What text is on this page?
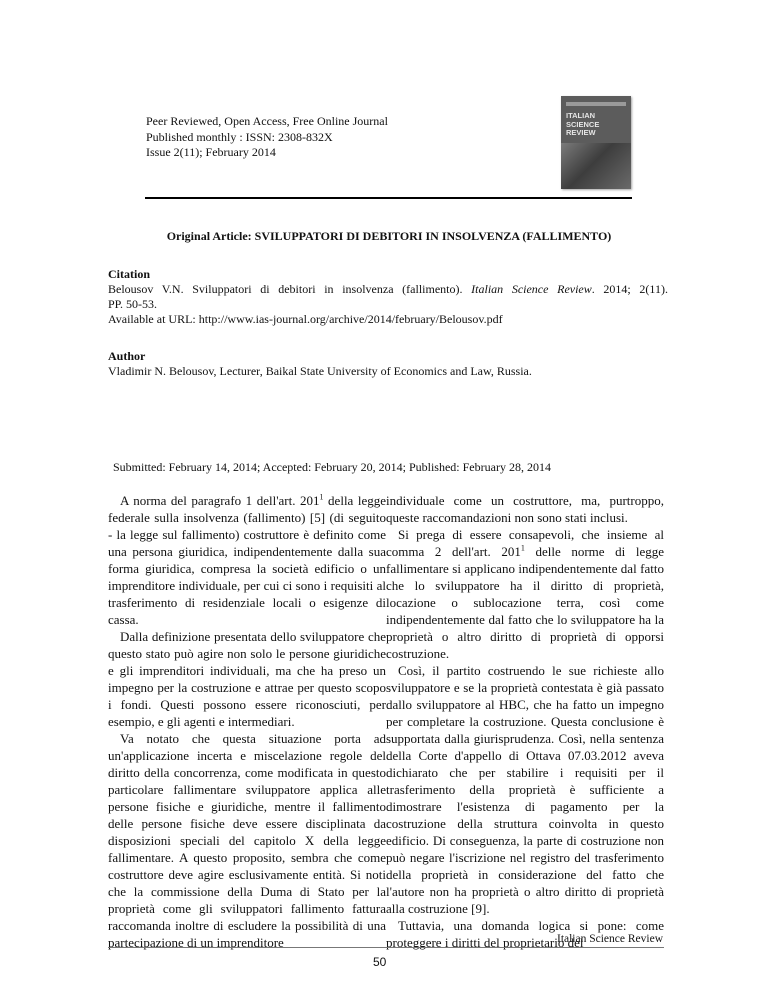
Peer Reviewed, Open Access, Free Online Journal
Published monthly : ISSN: 2308-832X
Issue 2(11); February 2014
ITALIAN SCIENCE REVIEW
Original Article: SVILUPPATORI DI DEBITORI IN INSOLVENZA (FALLIMENTO)
Citation
Belousov V.N. Sviluppatori di debitori in insolvenza (fallimento). Italian Science Review. 2014; 2(11).
PP. 50-53.
Available at URL: http://www.ias-journal.org/archive/2014/february/Belousov.pdf
Author
Vladimir N. Belousov, Lecturer, Baikal State University of Economics and Law, Russia.
Submitted: February 14, 2014; Accepted: February 20, 2014; Published: February 28, 2014

A norma del paragrafo 1 dell'art. $201^1$ della legge federale sulla insolvenza (fallimento) [5] (di seguito - la legge sul fallimento) costruttore è definito come una persona giuridica, indipendentemente dalla sua forma giuridica, compresa la società edificio o un imprenditore individuale, per cui ci sono i requisiti al trasferimento di residenziale locali o esigenze di cassa.

Dalla definizione presentata dello sviluppatore che questo stato può agire non solo le persone giuridiche e gli imprenditori individuali, ma che ha preso un impegno per la costruzione e attrae per questo scopo i fondi. Questi possono essere riconosciuti, per esempio, e gli agenti e intermediari.

Va notato che questa situazione porta ad un'applicazione incerta e miscelazione regole del diritto della concorrenza, come modificata in questo particolare fallimentare sviluppatore applica alle persone fisiche e giuridiche, mentre il fallimento delle persone fisiche deve essere disciplinata da disposizioni speciali del capitolo X della legge fallimentare. A questo proposito, sembra che come costruttore deve agire esclusivamente entità. Si noti che la commissione della Duma di Stato per la proprietà come gli sviluppatori fallimento fattura raccomanda inoltre di escludere la possibilità di una partecipazione di un imprenditore

individuale come un costruttore, ma, purtroppo, queste raccomandazioni non sono stati inclusi.

Si prega di essere consapevoli, che insieme al comma 2 dell'art. $201^1$ delle norme di legge fallimentare si applicano indipendentemente dal fatto che lo sviluppatore ha il diritto di proprietà, locazione o sublocazione terra, così come indipendentemente dal fatto che lo sviluppatore ha la proprietà o altro diritto di proprietà di opporsi costruzione.

Così, il partito costruendo le sue richieste allo sviluppatore e se la proprietà contestata è già passato dallo sviluppatore al HBC, che ha fatto un impegno per completare la costruzione. Questa conclusione è supportata dalla giurisprudenza. Così, nella sentenza della Corte d'appello di Ottava 07.03.2012 aveva dichiarato che per stabilire i requisiti per il trasferimento della proprietà è sufficiente a dimostrare l'esistenza di pagamento per la costruzione della struttura coinvolta in questo edificio. Di conseguenza, la parte di costruzione non può negare l'iscrizione nel registro del trasferimento della proprietà in considerazione del fatto che l'autore non ha proprietà o altro diritto di proprietà alla costruzione [9].

Tuttavia, una domanda logica si pone: come proteggere i diritti del proprietario del

Italian Science Review
50
